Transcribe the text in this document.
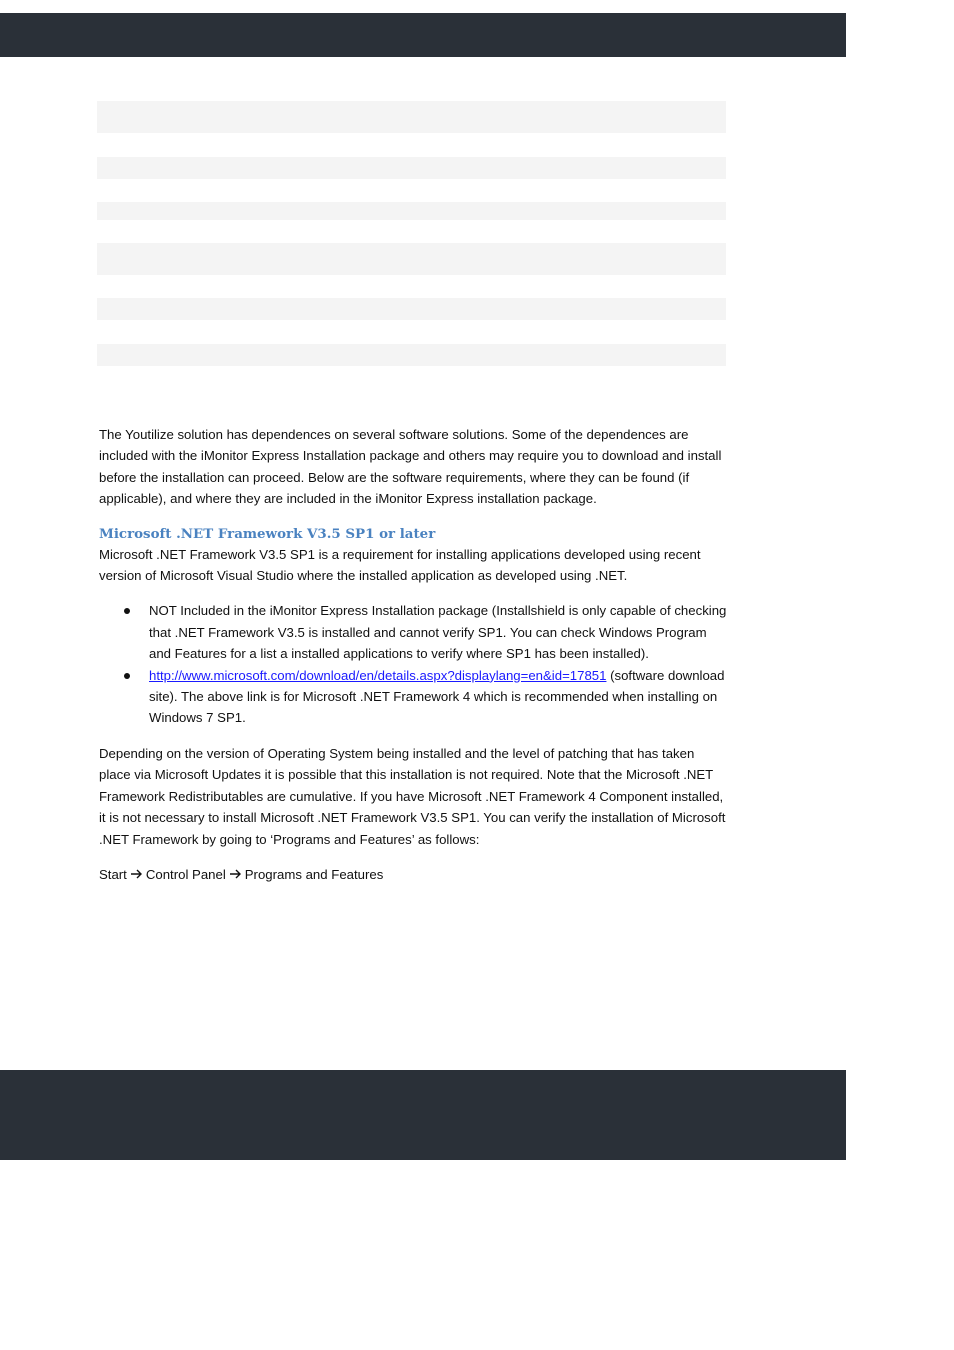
The Youtilize solution has dependences on several software solutions. Some of the dependences are included with the iMonitor Express Installation package and others may require you to download and install before the installation can proceed. Below are the software requirements, where they can be found (if applicable), and where they are included in the iMonitor Express installation package.

Microsoft .NET Framework V3.5 SP1 or later

Microsoft .NET Framework V3.5 SP1 is a requirement for installing applications developed using recent version of Microsoft Visual Studio where the installed application as developed using .NET.

NOT Included in the iMonitor Express Installation package (Installshield is only capable of checking that .NET Framework V3.5 is installed and cannot verify SP1. You can check Windows Program and Features for a list a installed applications to verify where SP1 has been installed).
http://www.microsoft.com/download/en/details.aspx?displaylang=en&id=17851 (software download site). The above link is for Microsoft .NET Framework 4 which is recommended when installing on Windows 7 SP1.

Depending on the version of Operating System being installed and the level of patching that has taken place via Microsoft Updates it is possible that this installation is not required. Note that the Microsoft .NET Framework Redistributables are cumulative. If you have Microsoft .NET Framework 4 Component installed, it is not necessary to install Microsoft .NET Framework V3.5 SP1. You can verify the installation of Microsoft .NET Framework by going to ‘Programs and Features’ as follows:

Start Control Panel Programs and Features
